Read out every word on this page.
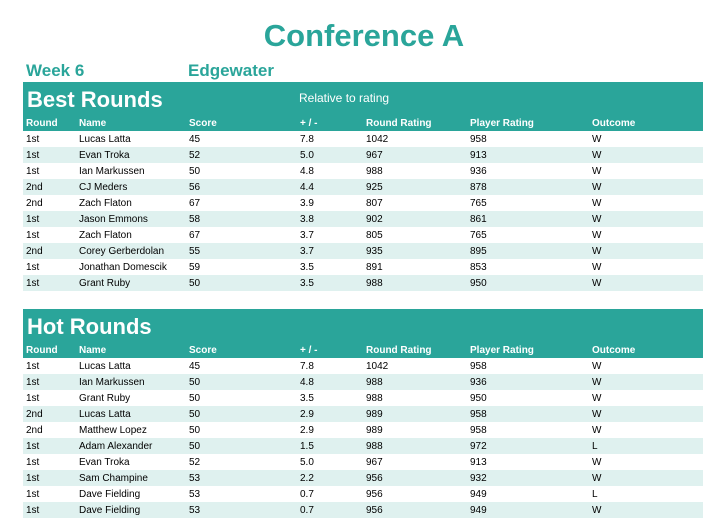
Conference A
Week 6	Edgewater
Best Rounds	Relative to rating
Round	Name	Score	+ / -	Round Rating	Player Rating	Outcome
1st	Lucas Latta	45	7.8	1042	958	W
1st	Evan Troka	52	5.0	967	913	W
1st	Ian Markussen	50	4.8	988	936	W
2nd	CJ Meders	56	4.4	925	878	W
2nd	Zach Flaton	67	3.9	807	765	W
1st	Jason Emmons	58	3.8	902	861	W
1st	Zach Flaton	67	3.7	805	765	W
2nd	Corey Gerberdolan	55	3.7	935	895	W
1st	Jonathan Domescik	59	3.5	891	853	W
1st	Grant Ruby	50	3.5	988	950	W
Hot Rounds
Round	Name	Score	+ / -	Round Rating	Player Rating	Outcome
1st	Lucas Latta	45	7.8	1042	958	W
1st	Ian Markussen	50	4.8	988	936	W
1st	Grant Ruby	50	3.5	988	950	W
2nd	Lucas Latta	50	2.9	989	958	W
2nd	Matthew Lopez	50	2.9	989	958	W
1st	Adam Alexander	50	1.5	988	972	L
1st	Evan Troka	52	5.0	967	913	W
1st	Sam Champine	53	2.2	956	932	W
1st	Dave Fielding	53	0.7	956	949	L
1st	Dave Fielding	53	0.7	956	949	W
